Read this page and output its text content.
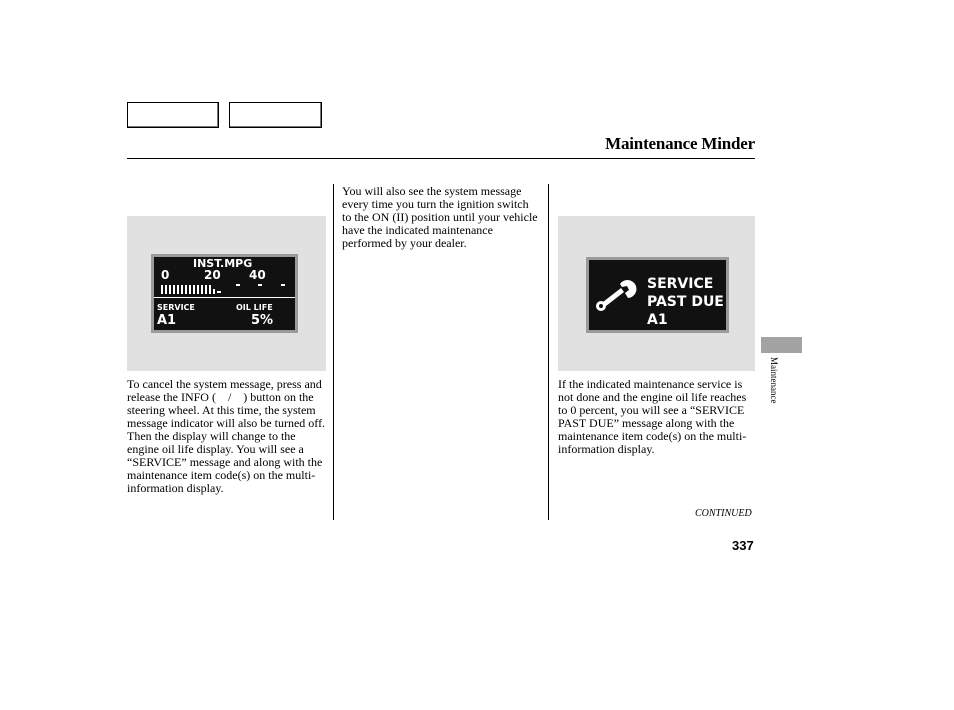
Maintenance Minder
INST.MPG
0	20 40
SERVICE	OIL LIFE
A1	5%
SERVICE
PAST DUE
A1

To cancel the system message, press and release the INFO ( / ) button on the steering wheel. At this time, the system message indicator will also be turned off. Then the display will change to the engine oil life display. You will see a “SERVICE” message and along with the maintenance item code(s) on the multi-information display.

You will also see the system message every time you turn the ignition switch to the ON (II) position until your vehicle have the indicated maintenance performed by your dealer.

If the indicated maintenance service is not done and the engine oil life reaches to 0 percent, you will see a “SERVICE PAST DUE” message along with the maintenance item code(s) on the multi-information display.

Maintenance
CONTINUED
337
